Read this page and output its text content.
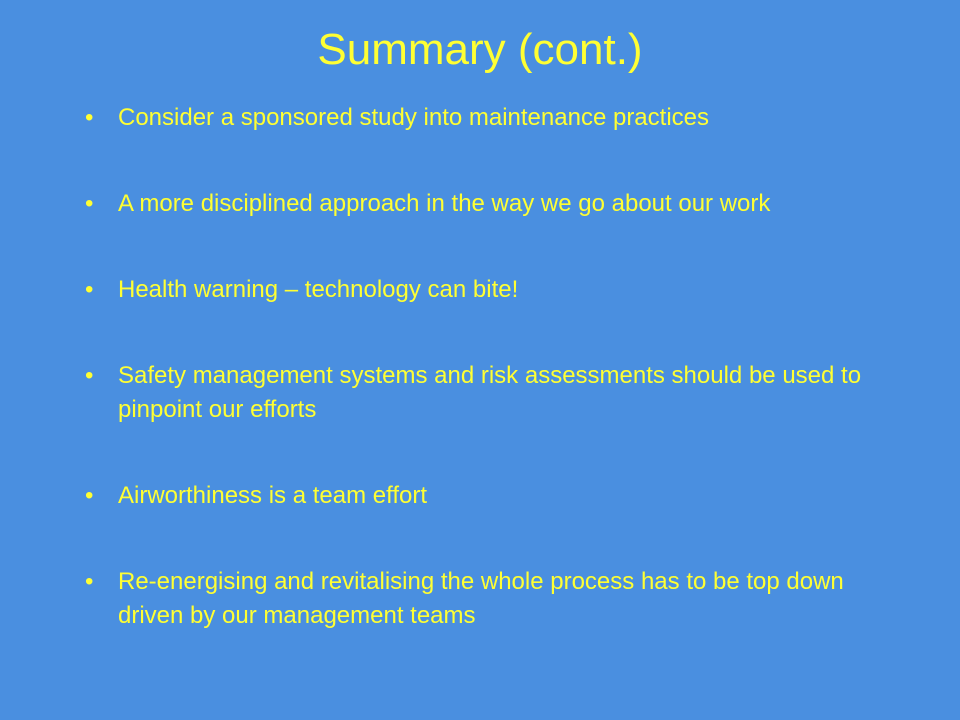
Summary (cont.)
• Consider a sponsored study into maintenance practices
• A more disciplined approach in the way we go about our work
• Health warning – technology can bite!
• Safety management systems and risk assessments should be used to pinpoint our efforts
• Airworthiness is a team effort
• Re-energising and revitalising the whole process has to be top down driven by our management teams
